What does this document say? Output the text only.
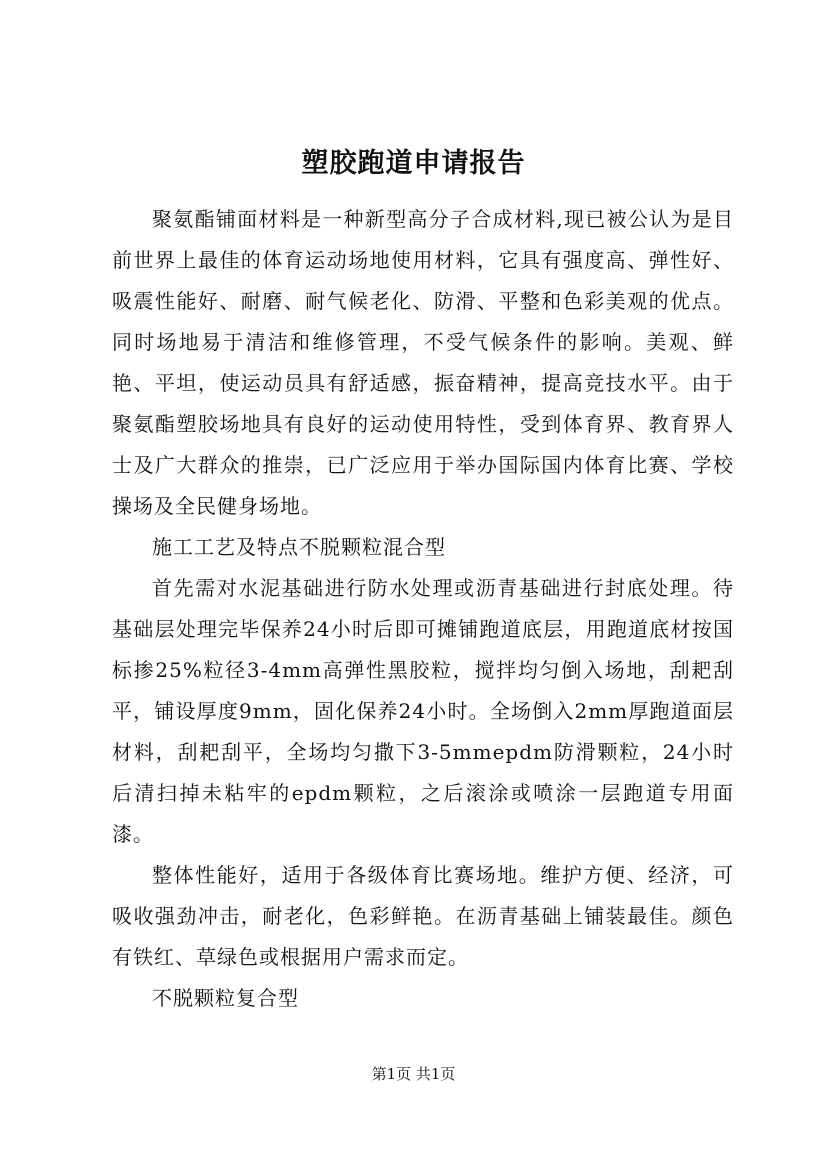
塑胶跑道申请报告

聚氨酯铺面材料是一种新型高分子合成材料,现已被公认为是目前世界上最佳的体育运动场地使用材料，它具有强度高、弹性好、吸震性能好、耐磨、耐气候老化、防滑、平整和色彩美观的优点。同时场地易于清洁和维修管理，不受气候条件的影响。美观、鲜艳、平坦，使运动员具有舒适感，振奋精神，提高竞技水平。由于聚氨酯塑胶场地具有良好的运动使用特性，受到体育界、教育界人士及广大群众的推崇，已广泛应用于举办国际国内体育比赛、学校操场及全民健身场地。

施工工艺及特点不脱颗粒混合型

首先需对水泥基础进行防水处理或沥青基础进行封底处理。待基础层处理完毕保养24小时后即可摊铺跑道底层，用跑道底材按国标掺25%粒径3-4mm高弹性黑胶粒，搅拌均匀倒入场地，刮耙刮平，铺设厚度9mm，固化保养24小时。全场倒入2mm厚跑道面层材料，刮耙刮平，全场均匀撒下3-5mmepdm防滑颗粒，24小时后清扫掉未粘牢的epdm颗粒，之后滚涂或喷涂一层跑道专用面漆。

整体性能好，适用于各级体育比赛场地。维护方便、经济，可吸收强劲冲击，耐老化，色彩鲜艳。在沥青基础上铺装最佳。颜色有铁红、草绿色或根据用户需求而定。

不脱颗粒复合型

第1页 共1页
